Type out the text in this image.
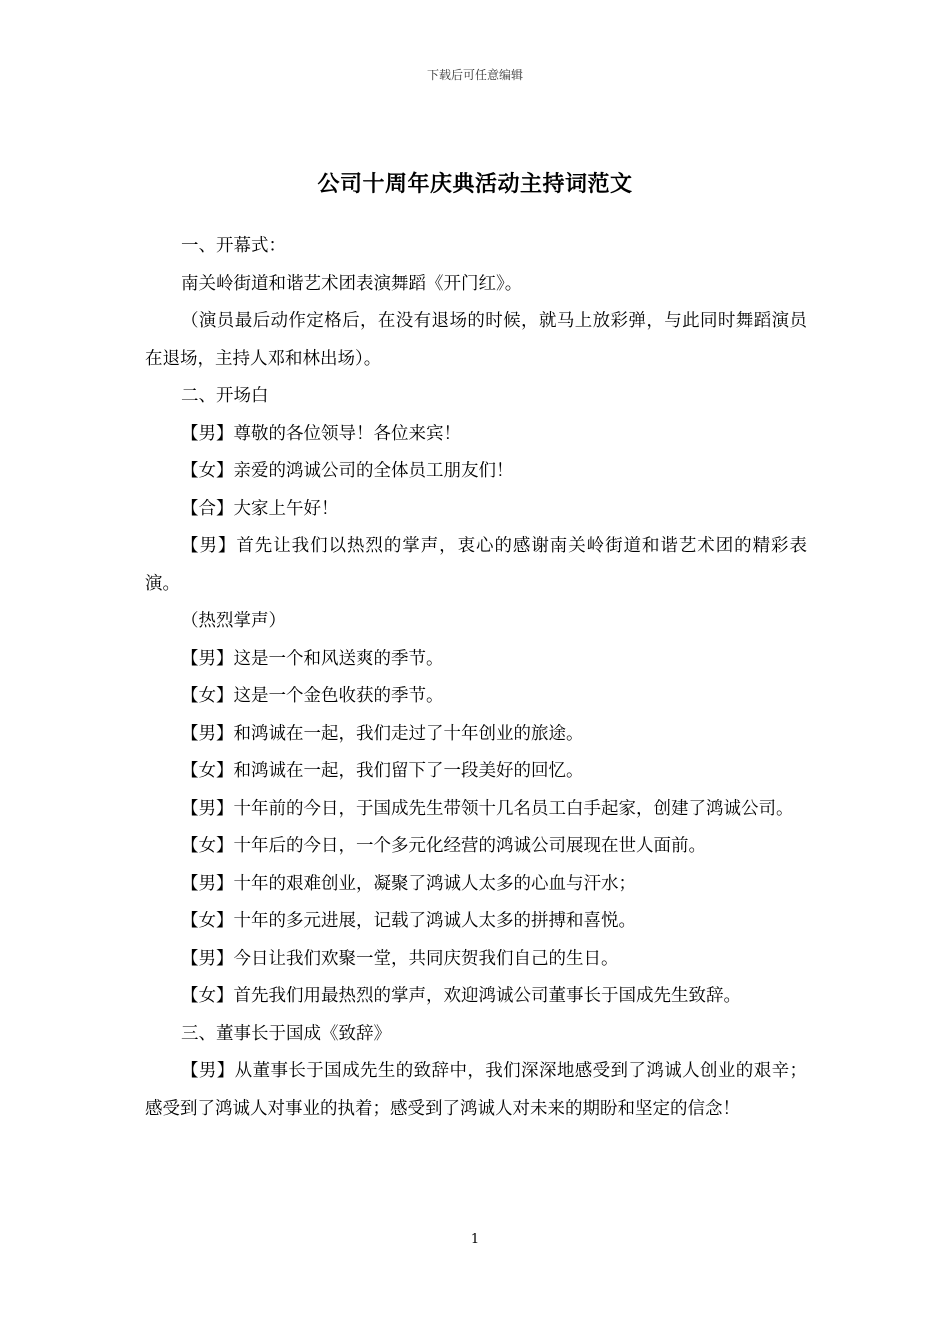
下载后可任意编辑
公司十周年庆典活动主持词范文

一、开幕式：

南关岭街道和谐艺术团表演舞蹈《开门红》。

（演员最后动作定格后，在没有退场的时候，就马上放彩弹，与此同时舞蹈演员在退场，主持人邓和林出场）。

二、开场白

【男】尊敬的各位领导！各位来宾！

【女】亲爱的鸿诚公司的全体员工朋友们！

【合】大家上午好！

【男】首先让我们以热烈的掌声，衷心的感谢南关岭街道和谐艺术团的精彩表演。

（热烈掌声）

【男】这是一个和风送爽的季节。

【女】这是一个金色收获的季节。

【男】和鸿诚在一起，我们走过了十年创业的旅途。

【女】和鸿诚在一起，我们留下了一段美好的回忆。

【男】十年前的今日，于国成先生带领十几名员工白手起家，创建了鸿诚公司。

【女】十年后的今日，一个多元化经营的鸿诚公司展现在世人面前。

【男】十年的艰难创业，凝聚了鸿诚人太多的心血与汗水；

【女】十年的多元进展，记载了鸿诚人太多的拼搏和喜悦。

【男】今日让我们欢聚一堂，共同庆贺我们自己的生日。

【女】首先我们用最热烈的掌声，欢迎鸿诚公司董事长于国成先生致辞。

三、董事长于国成《致辞》

【男】从董事长于国成先生的致辞中，我们深深地感受到了鸿诚人创业的艰辛；感受到了鸿诚人对事业的执着；感受到了鸿诚人对未来的期盼和坚定的信念！

1
